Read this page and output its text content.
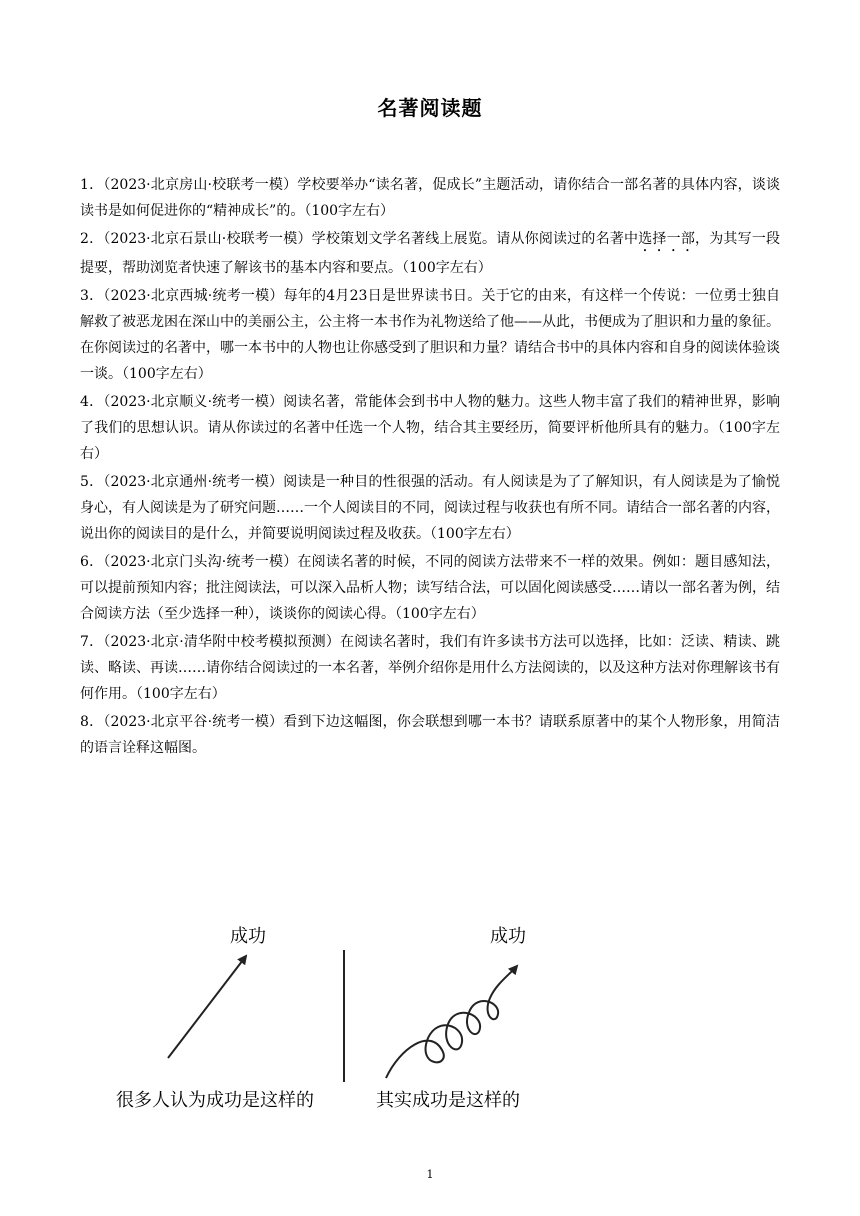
名著阅读题

1．（2023·北京房山·校联考一模）学校要举办“读名著，促成长”主题活动，请你结合一部名著的具体内容，谈谈读书是如何促进你的“精神成长”的。（100字左右）

2．（2023·北京石景山·校联考一模）学校策划文学名著线上展览。请从你阅读过的名著中选择一部，为其写一段提要，帮助浏览者快速了解该书的基本内容和要点。（100字左右）

3．（2023·北京西城·统考一模）每年的4月23日是世界读书日。关于它的由来，有这样一个传说：一位勇士独自解救了被恶龙困在深山中的美丽公主，公主将一本书作为礼物送给了他——从此，书便成为了胆识和力量的象征。在你阅读过的名著中，哪一本书中的人物也让你感受到了胆识和力量？请结合书中的具体内容和自身的阅读体验谈一谈。（100字左右）

4．（2023·北京顺义·统考一模）阅读名著，常能体会到书中人物的魅力。这些人物丰富了我们的精神世界，影响了我们的思想认识。请从你读过的名著中任选一个人物，结合其主要经历，简要评析他所具有的魅力。（100字左右）

5．（2023·北京通州·统考一模）阅读是一种目的性很强的活动。有人阅读是为了了解知识，有人阅读是为了愉悦身心，有人阅读是为了研究问题……一个人阅读目的不同，阅读过程与收获也有所不同。请结合一部名著的内容，说出你的阅读目的是什么，并简要说明阅读过程及收获。（100字左右）

6．（2023·北京门头沟·统考一模）在阅读名著的时候，不同的阅读方法带来不一样的效果。例如：题目感知法，可以提前预知内容；批注阅读法，可以深入品析人物；读写结合法，可以固化阅读感受……请以一部名著为例，结合阅读方法（至少选择一种），谈谈你的阅读心得。（100字左右）

7．（2023·北京·清华附中校考模拟预测）在阅读名著时，我们有许多读书方法可以选择，比如：泛读、精读、跳读、略读、再读……请你结合阅读过的一本名著，举例介绍你是用什么方法阅读的，以及这种方法对你理解该书有何作用。（100字左右）

8．（2023·北京平谷·统考一模）看到下边这幅图，你会联想到哪一本书？请联系原著中的某个人物形象，用简洁的语言诠释这幅图。

成功
很多人认为成功是这样的
成功
其实成功是这样的
1
